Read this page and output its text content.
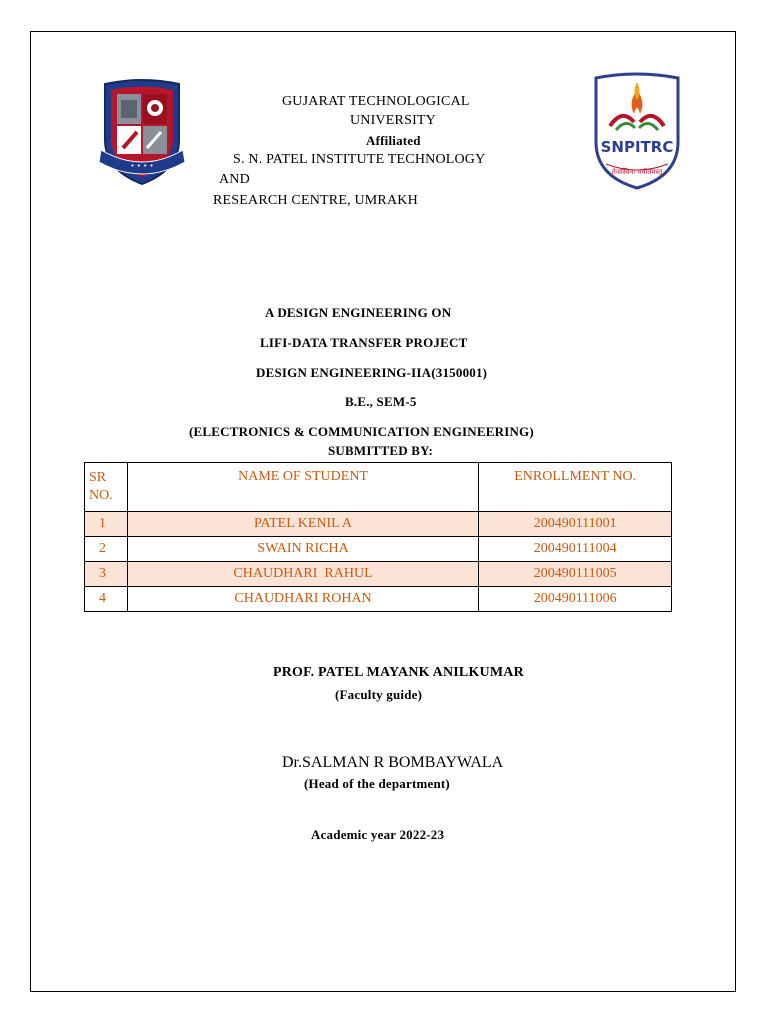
• • • •
SNPITRC
तेजस्विना वधीतमस्तु
GUJARAT TECHNOLOGICAL
UNIVERSITY
Affiliated
S. N. PATEL INSTITUTE TECHNOLOGY
AND
RESEARCH CENTRE, UMRAKH
A DESIGN ENGINEERING ON
LIFI-DATA TRANSFER PROJECT
DESIGN ENGINEERING-IIA(3150001)
B.E., SEM-5
(ELECTRONICS & COMMUNICATION ENGINEERING)
SUBMITTED BY:
SR NO.	NAME OF STUDENT	ENROLLMENT NO.
1	PATEL KENIL A	200490111001
2	SWAIN RICHA	200490111004
3	CHAUDHARI  RAHUL	200490111005
4	CHAUDHARI ROHAN	200490111006
PROF. PATEL MAYANK ANILKUMAR
(Faculty guide)
Dr.SALMAN R BOMBAYWALA
(Head of the department)
Academic year 2022-23
